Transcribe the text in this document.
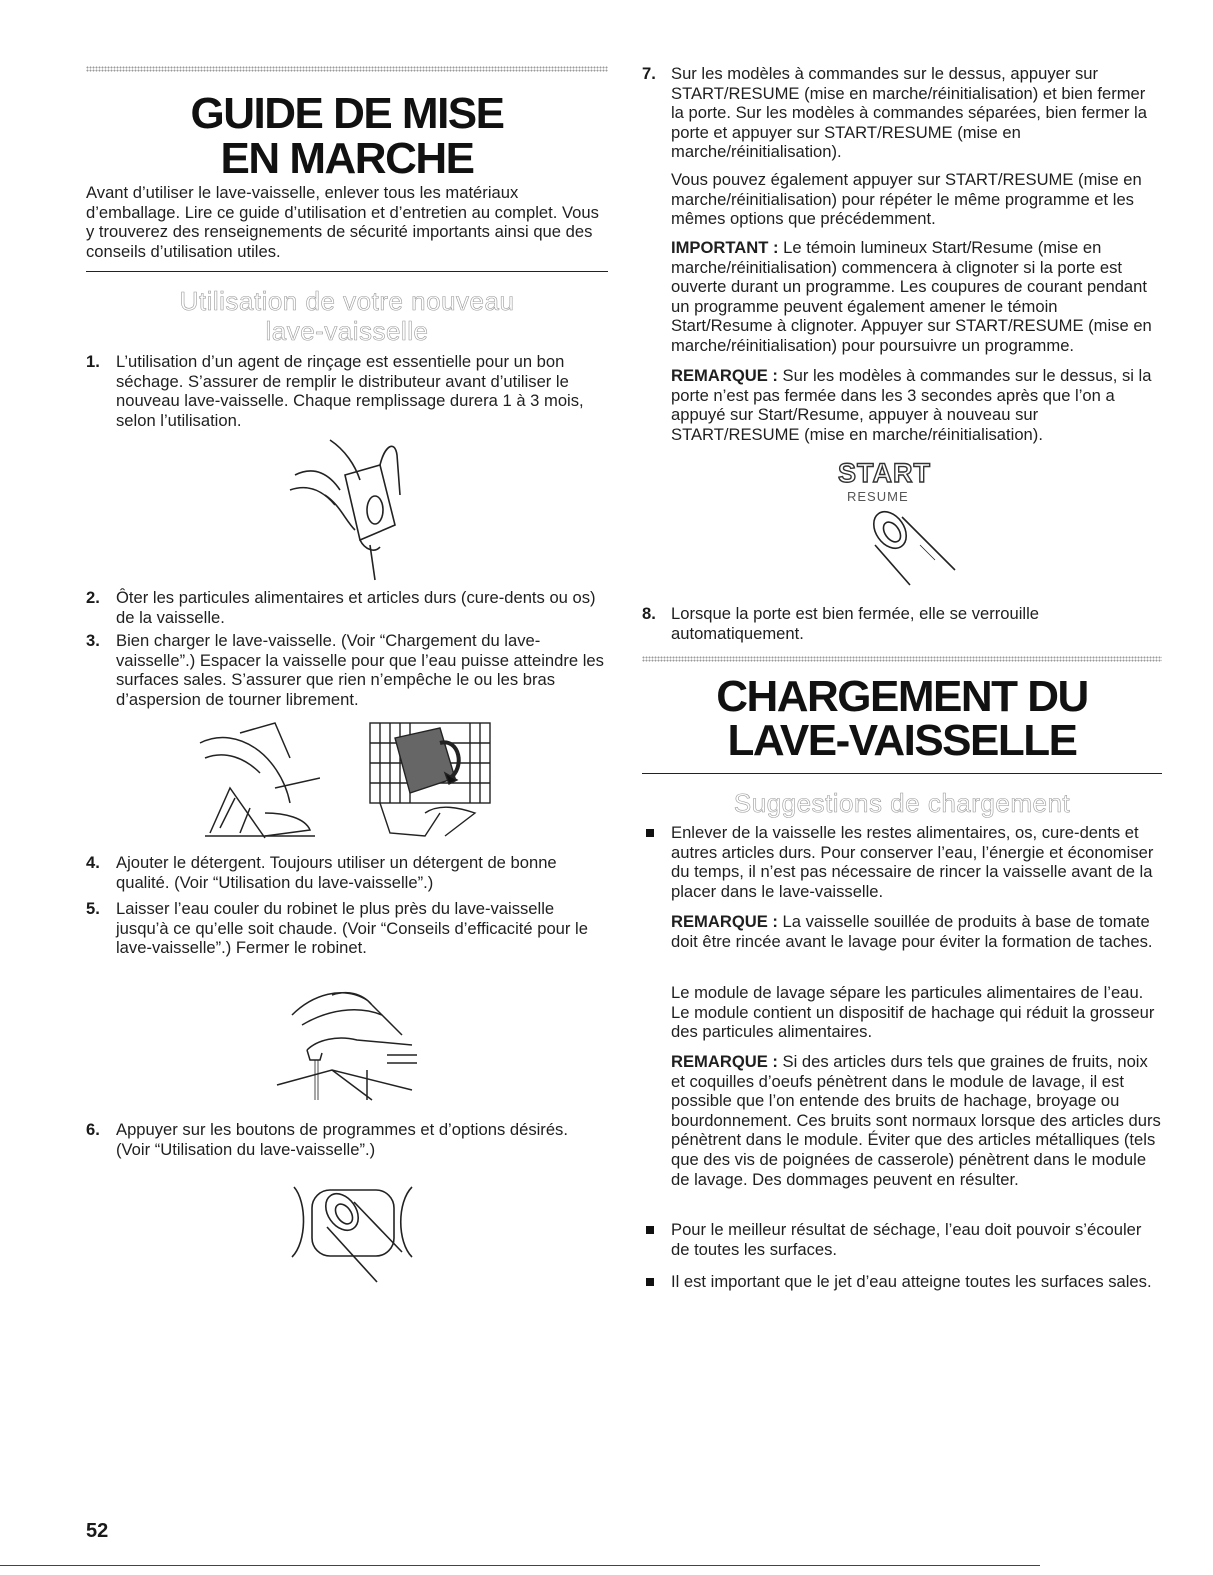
GUIDE DE MISE
EN MARCHE
Avant d’utiliser le lave-vaisselle, enlever tous les matériaux d’emballage. Lire ce guide d’utilisation et d’entretien au complet. Vous y trouverez des renseignements de sécurité importants ainsi que des conseils d’utilisation utiles.
Utilisation de votre nouveau
lave-vaisselle
1. L’utilisation d’un agent de rinçage est essentielle pour un bon séchage. S’assurer de remplir le distributeur avant d’utiliser le nouveau lave-vaisselle. Chaque remplissage durera 1 à 3 mois, selon l’utilisation.
2. Ôter les particules alimentaires et articles durs (cure-dents ou os) de la vaisselle.
3. Bien charger le lave-vaisselle. (Voir “Chargement du lave-vaisselle”.) Espacer la vaisselle pour que l’eau puisse atteindre les surfaces sales. S’assurer que rien n’empêche le ou les bras d’aspersion de tourner librement.
4. Ajouter le détergent. Toujours utiliser un détergent de bonne qualité. (Voir “Utilisation du lave-vaisselle”.)
5. Laisser l’eau couler du robinet le plus près du lave-vaisselle jusqu’à ce qu’elle soit chaude. (Voir “Conseils d’efficacité pour le lave-vaisselle”.) Fermer le robinet.
6. Appuyer sur les boutons de programmes et d’options désirés. (Voir “Utilisation du lave-vaisselle”.)
52
7. Sur les modèles à commandes sur le dessus, appuyer sur START/RESUME (mise en marche/réinitialisation) et bien fermer la porte. Sur les modèles à commandes séparées, bien fermer la porte et appuyer sur START/RESUME (mise en marche/réinitialisation).
Vous pouvez également appuyer sur START/RESUME (mise en marche/réinitialisation) pour répéter le même programme et les mêmes options que précédemment.
IMPORTANT : Le témoin lumineux Start/Resume (mise en marche/réinitialisation) commencera à clignoter si la porte est ouverte durant un programme. Les coupures de courant pendant un programme peuvent également amener le témoin Start/Resume à clignoter. Appuyer sur START/RESUME (mise en marche/réinitialisation) pour poursuivre un programme.
REMARQUE : Sur les modèles à commandes sur le dessus, si la porte n’est pas fermée dans les 3 secondes après que l’on a appuyé sur Start/Resume, appuyer à nouveau sur START/RESUME (mise en marche/réinitialisation).
START
RESUME
8. Lorsque la porte est bien fermée, elle se verrouille automatiquement.
CHARGEMENT DU
LAVE-VAISSELLE
Suggestions de chargement
Enlever de la vaisselle les restes alimentaires, os, cure-dents et autres articles durs. Pour conserver l’eau, l’énergie et économiser du temps, il n’est pas nécessaire de rincer la vaisselle avant de la placer dans le lave-vaisselle.
REMARQUE : La vaisselle souillée de produits à base de tomate doit être rincée avant le lavage pour éviter la formation de taches.
Le module de lavage sépare les particules alimentaires de l’eau. Le module contient un dispositif de hachage qui réduit la grosseur des particules alimentaires.
REMARQUE : Si des articles durs tels que graines de fruits, noix et coquilles d’oeufs pénètrent dans le module de lavage, il est possible que l’on entende des bruits de hachage, broyage ou bourdonnement. Ces bruits sont normaux lorsque des articles durs pénètrent dans le module. Éviter que des articles métalliques (tels que des vis de poignées de casserole) pénètrent dans le module de lavage. Des dommages peuvent en résulter.
Pour le meilleur résultat de séchage, l’eau doit pouvoir s’écouler de toutes les surfaces.
Il est important que le jet d’eau atteigne toutes les surfaces sales.
